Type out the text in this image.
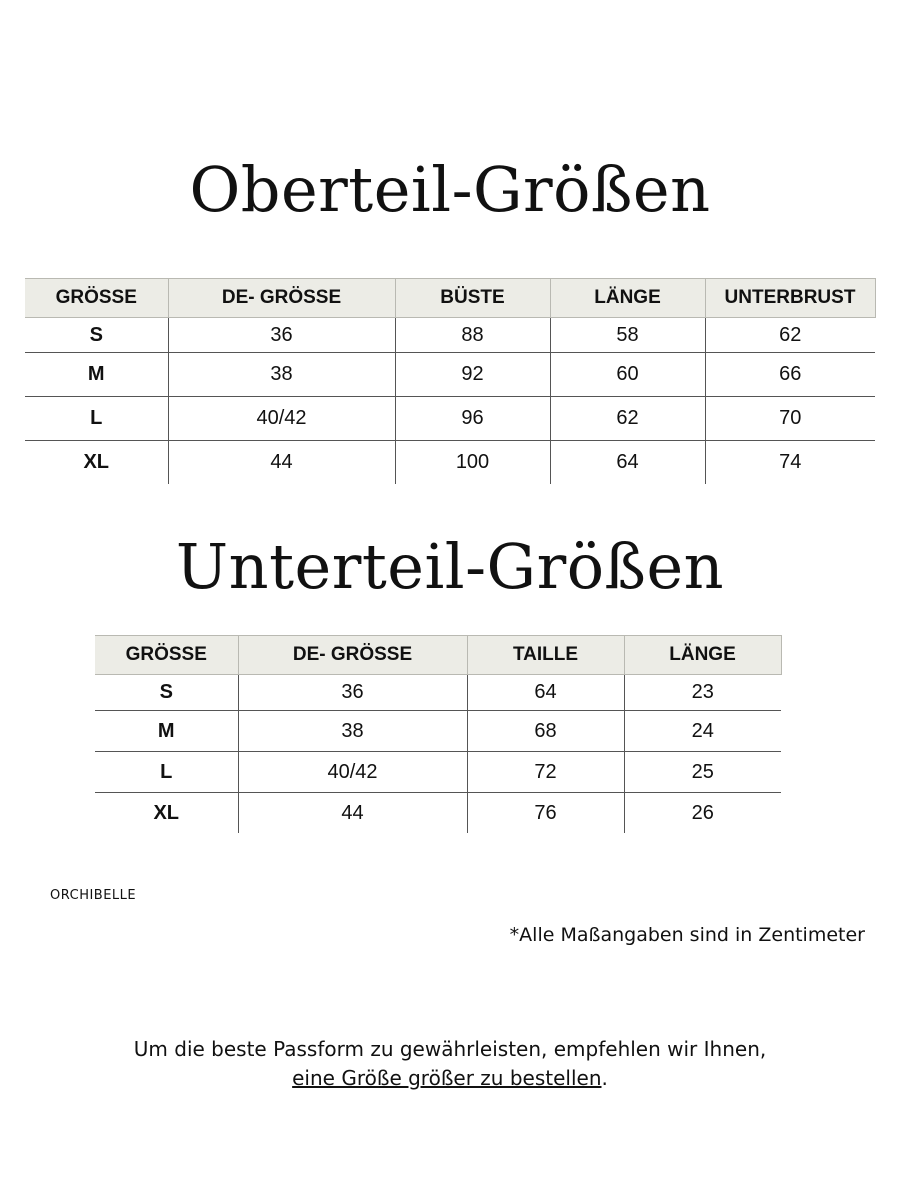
Oberteil-Größen
GRÖSSE	DE- GRÖSSE	BÜSTE	LÄNGE	UNTERBRUST
S	36	88	58	62
M	38	92	60	66
L	40/42	96	62	70
XL	44	100	64	74
Unterteil-Größen
GRÖSSE	DE- GRÖSSE	TAILLE	LÄNGE
S	36	64	23
M	38	68	24
L	40/42	72	25
XL	44	76	26

ORCHIBELLE

*Alle Maßangaben sind in Zentimeter

Um die beste Passform zu gewährleisten, empfehlen wir Ihnen,
eine Größe größer zu bestellen.
